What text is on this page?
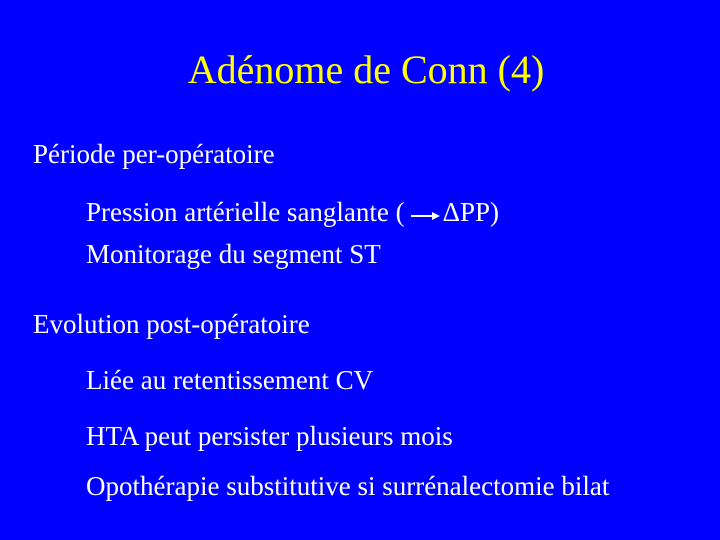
Adénome de Conn (4)
Période per-opératoire
Pression artérielle sanglante ( ΔPP)
Monitorage du segment ST
Evolution post-opératoire
Liée au retentissement CV
HTA peut persister plusieurs mois
Opothérapie substitutive si surrénalectomie bilat
